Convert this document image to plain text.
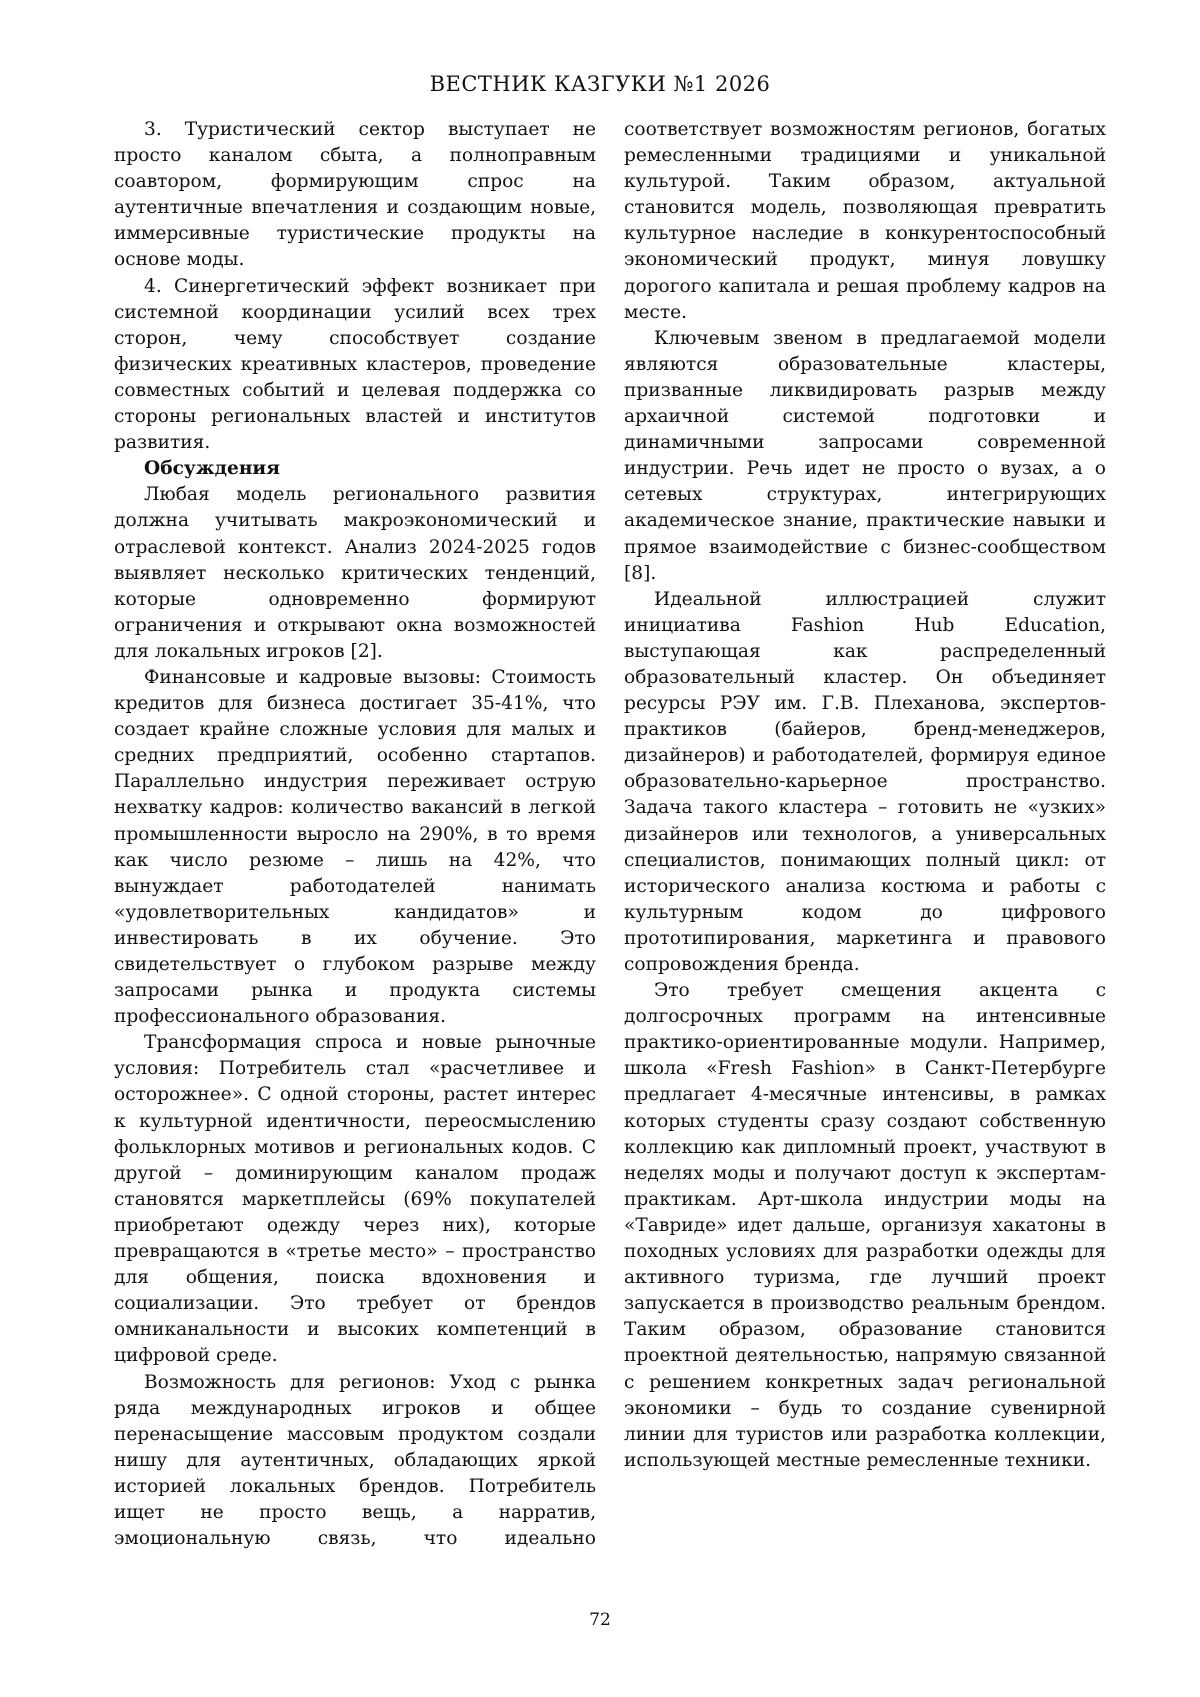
ВЕСТНИК КАЗГУКИ №1 2026

3. Туристический сектор выступает не просто каналом сбыта, а полноправным соавтором, формирующим спрос на аутентичные впечатления и создающим новые, иммерсивные туристические продукты на основе моды.

4. Синергетический эффект возникает при системной координации усилий всех трех сторон, чему способствует создание физических креативных кластеров, проведение совместных событий и целевая поддержка со стороны региональных властей и институтов развития.

Обсуждения

Любая модель регионального развития должна учитывать макроэкономический и отраслевой контекст. Анализ 2024-2025 годов выявляет несколько критических тенденций, которые одновременно формируют ограничения и открывают окна возможностей для локальных игроков [2].

Финансовые и кадровые вызовы: Стоимость кредитов для бизнеса достигает 35-41%, что создает крайне сложные условия для малых и средних предприятий, особенно стартапов. Параллельно индустрия переживает острую нехватку кадров: количество вакансий в легкой промышленности выросло на 290%, в то время как число резюме – лишь на 42%, что вынуждает работодателей нанимать «удовлетворительных кандидатов» и инвестировать в их обучение. Это свидетельствует о глубоком разрыве между запросами рынка и продукта системы профессионального образования.

Трансформация спроса и новые рыночные условия: Потребитель стал «расчетливее и осторожнее». С одной стороны, растет интерес к культурной идентичности, переосмыслению фольклорных мотивов и региональных кодов. С другой – доминирующим каналом продаж становятся маркетплейсы (69% покупателей приобретают одежду через них), которые превращаются в «третье место» – пространство для общения, поиска вдохновения и социализации. Это требует от брендов омниканальности и высоких компетенций в цифровой среде.

Возможность для регионов: Уход с рынка ряда международных игроков и общее перенасыщение массовым продуктом создали нишу для аутентичных, обладающих яркой историей локальных брендов. Потребитель ищет не просто вещь, а нарратив, эмоциональную связь, что идеально

соответствует возможностям регионов, богатых ремесленными традициями и уникальной культурой. Таким образом, актуальной становится модель, позволяющая превратить культурное наследие в конкурентоспособный экономический продукт, минуя ловушку дорогого капитала и решая проблему кадров на месте.

Ключевым звеном в предлагаемой модели являются образовательные кластеры, призванные ликвидировать разрыв между архаичной системой подготовки и динамичными запросами современной индустрии. Речь идет не просто о вузах, а о сетевых структурах, интегрирующих академическое знание, практические навыки и прямое взаимодействие с бизнес-сообществом [8].

Идеальной иллюстрацией служит инициатива Fashion Hub Education, выступающая как распределенный образовательный кластер. Он объединяет ресурсы РЭУ им. Г.В. Плеханова, экспертов-практиков (байеров, бренд-менеджеров, дизайнеров) и работодателей, формируя единое образовательно-карьерное пространство. Задача такого кластера – готовить не «узких» дизайнеров или технологов, а универсальных специалистов, понимающих полный цикл: от исторического анализа костюма и работы с культурным кодом до цифрового прототипирования, маркетинга и правового сопровождения бренда.

Это требует смещения акцента с долгосрочных программ на интенсивные практико-ориентированные модули. Например, школа «Fresh Fashion» в Санкт-Петербурге предлагает 4-месячные интенсивы, в рамках которых студенты сразу создают собственную коллекцию как дипломный проект, участвуют в неделях моды и получают доступ к экспертам-практикам. Арт-школа индустрии моды на «Тавриде» идет дальше, организуя хакатоны в походных условиях для разработки одежды для активного туризма, где лучший проект запускается в производство реальным брендом. Таким образом, образование становится проектной деятельностью, напрямую связанной с решением конкретных задач региональной экономики – будь то создание сувенирной линии для туристов или разработка коллекции, использующей местные ремесленные техники.

72
